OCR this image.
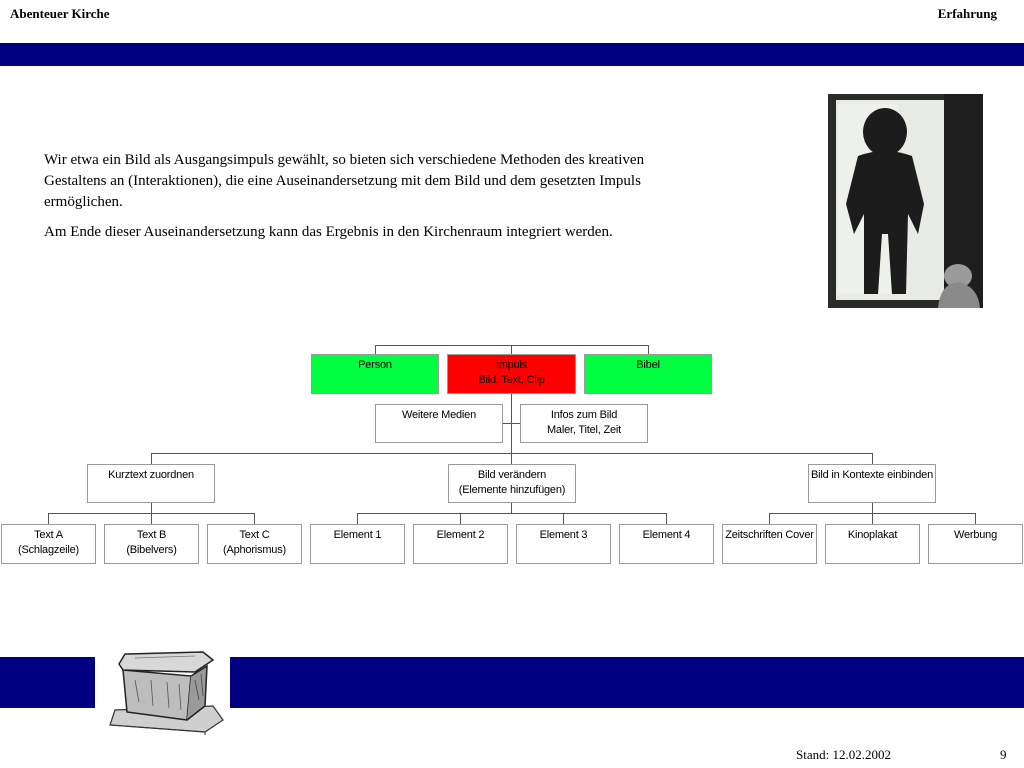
Abenteuer Kirche	Erfahrung

Wir etwa ein Bild als Ausgangsimpuls gewählt, so bieten sich verschiedene Methoden des kreativen Gestaltens an (Interaktionen), die eine Auseinandersetzung mit dem Bild und dem gesetzten Impuls ermöglichen.

Am Ende dieser Auseinandersetzung kann das Ergebnis in den Kirchenraum integriert werden.

Person	Impuls
Bild, Text, Clip
Bibel
Weitere Medien	Infos zum Bild
Maler, Titel, Zeit
Kurztext zuordnen	Bild verändern
(Elemente hinzufügen)
Bild in Kontexte einbinden
Text A
(Schlagzeile)
Text B
(Bibelvers)
Text C
(Aphorismus)
Element 1	Element 2	Element 3	Element 4	Zeitschriften Cover	Kinoplakat	Werbung
Stand: 12.02.2002	9
